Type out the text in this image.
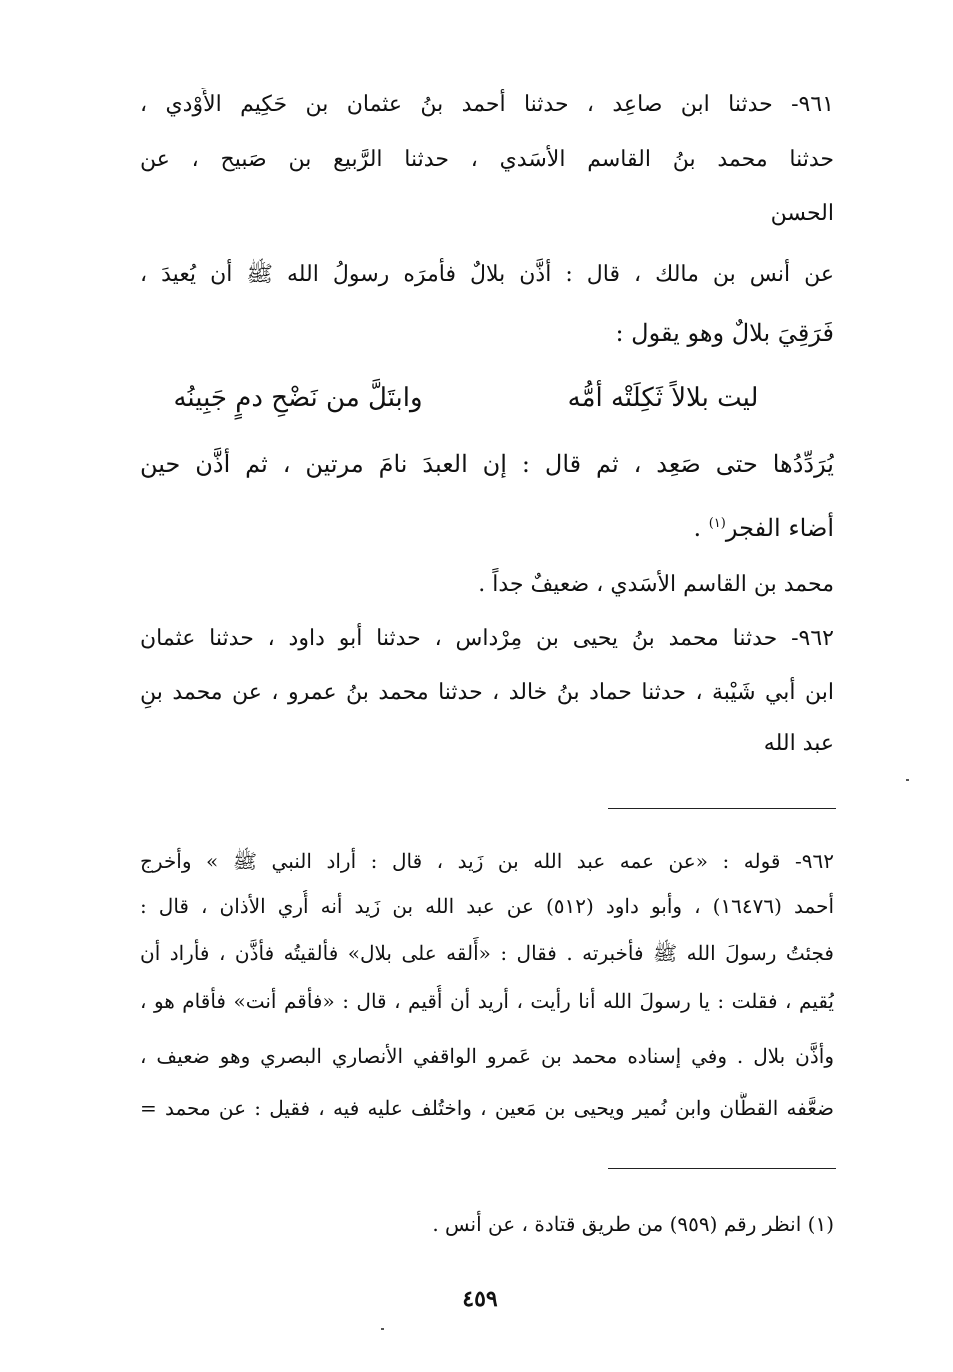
٩٦١- حدثنا ابن صاعِد ، حدثنا أحمد بنُ عثمان بن حَكِيم الأَوْدي ،
حدثنا محمد بنُ القاسم الأسَدي ، حدثنا الرَّبيع بن صَبيح ، عن
الحسن
عن أنس بن مالك ، قال : أذَّن بلالٌ فأمرَه رسولُ الله ﷺ أن يُعيدَ ،
فَرَقِيَ بلالٌ وهو يقول :
ليت بلالاً ثَكِلَتْه أمُّه
وابتَلَّ من نَضْحِ دمٍ جَبِينُه
يُرَدِّدُها حتى صَعِد ، ثم قال : إن العبدَ نامَ مرتين ، ثم أذَّن حين
أضاء الفجر$^{(١)}$ .
محمد بن القاسم الأسَدي ، ضعيفٌ جداً .
٩٦٢- حدثنا محمد بنُ يحيى بن مِرْداس ، حدثنا أبو داود ، حدثنا عثمان
ابن أبي شَيْبة ، حدثنا حماد بنُ خالد ، حدثنا محمد بنُ عمرو ، عن محمد بنِ
عبد الله
٩٦٢- قوله : «عن عمه عبد الله بن زَيد ، قال : أراد النبي ﷺ » وأخرج
أحمد (١٦٤٧٦) ، وأبو داود (٥١٢) عن عبد الله بن زَيد أنه أُري الأذان ، قال :
فجئتُ رسولَ الله ﷺ فأخبرته . فقال : «أَلقه على بلال» فألقيتُه فأذَّن ، فأراد أن
يُقيم ، فقلت : يا رسولَ الله أنا رأيت ، أريد أن أُقيم ، قال : «فأقم أنت» فأقام هو ،
وأذَّن بلال . وفي إسناده محمد بن عَمرو الواقفي الأنصاري البصري وهو ضعيف ،
ضعَّفه القطَّان وابن نُمير ويحيى بن مَعين ، واختُلف عليه فيه ، فقيل : عن محمد =
(١) انظر رقم (٩٥٩) من طريق قتادة ، عن أنس .
٤٥٩
